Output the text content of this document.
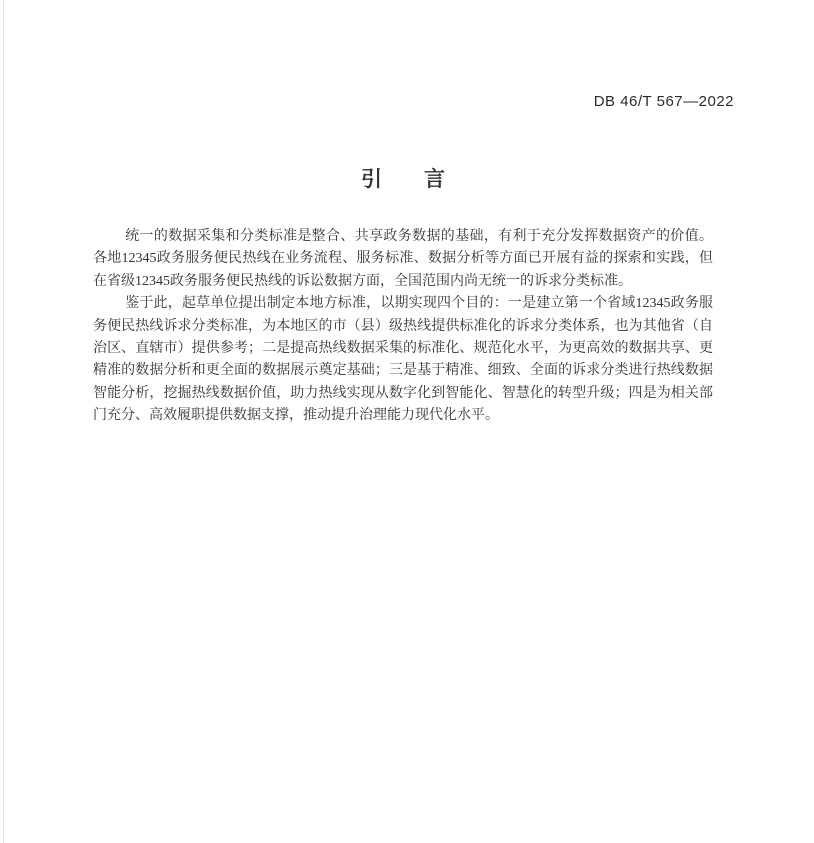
DB 46/T 567—2022
引　　言

统一的数据采集和分类标准是整合、共享政务数据的基础，有利于充分发挥数据资产的价值。各地12345政务服务便民热线在业务流程、服务标准、数据分析等方面已开展有益的探索和实践，但在省级12345政务服务便民热线的诉讼数据方面，全国范围内尚无统一的诉求分类标准。

鉴于此，起草单位提出制定本地方标准，以期实现四个目的：一是建立第一个省域12345政务服务便民热线诉求分类标准，为本地区的市（县）级热线提供标准化的诉求分类体系，也为其他省（自治区、直辖市）提供参考；二是提高热线数据采集的标准化、规范化水平，为更高效的数据共享、更精准的数据分析和更全面的数据展示奠定基础；三是基于精准、细致、全面的诉求分类进行热线数据智能分析，挖掘热线数据价值，助力热线实现从数字化到智能化、智慧化的转型升级；四是为相关部门充分、高效履职提供数据支撑，推动提升治理能力现代化水平。
